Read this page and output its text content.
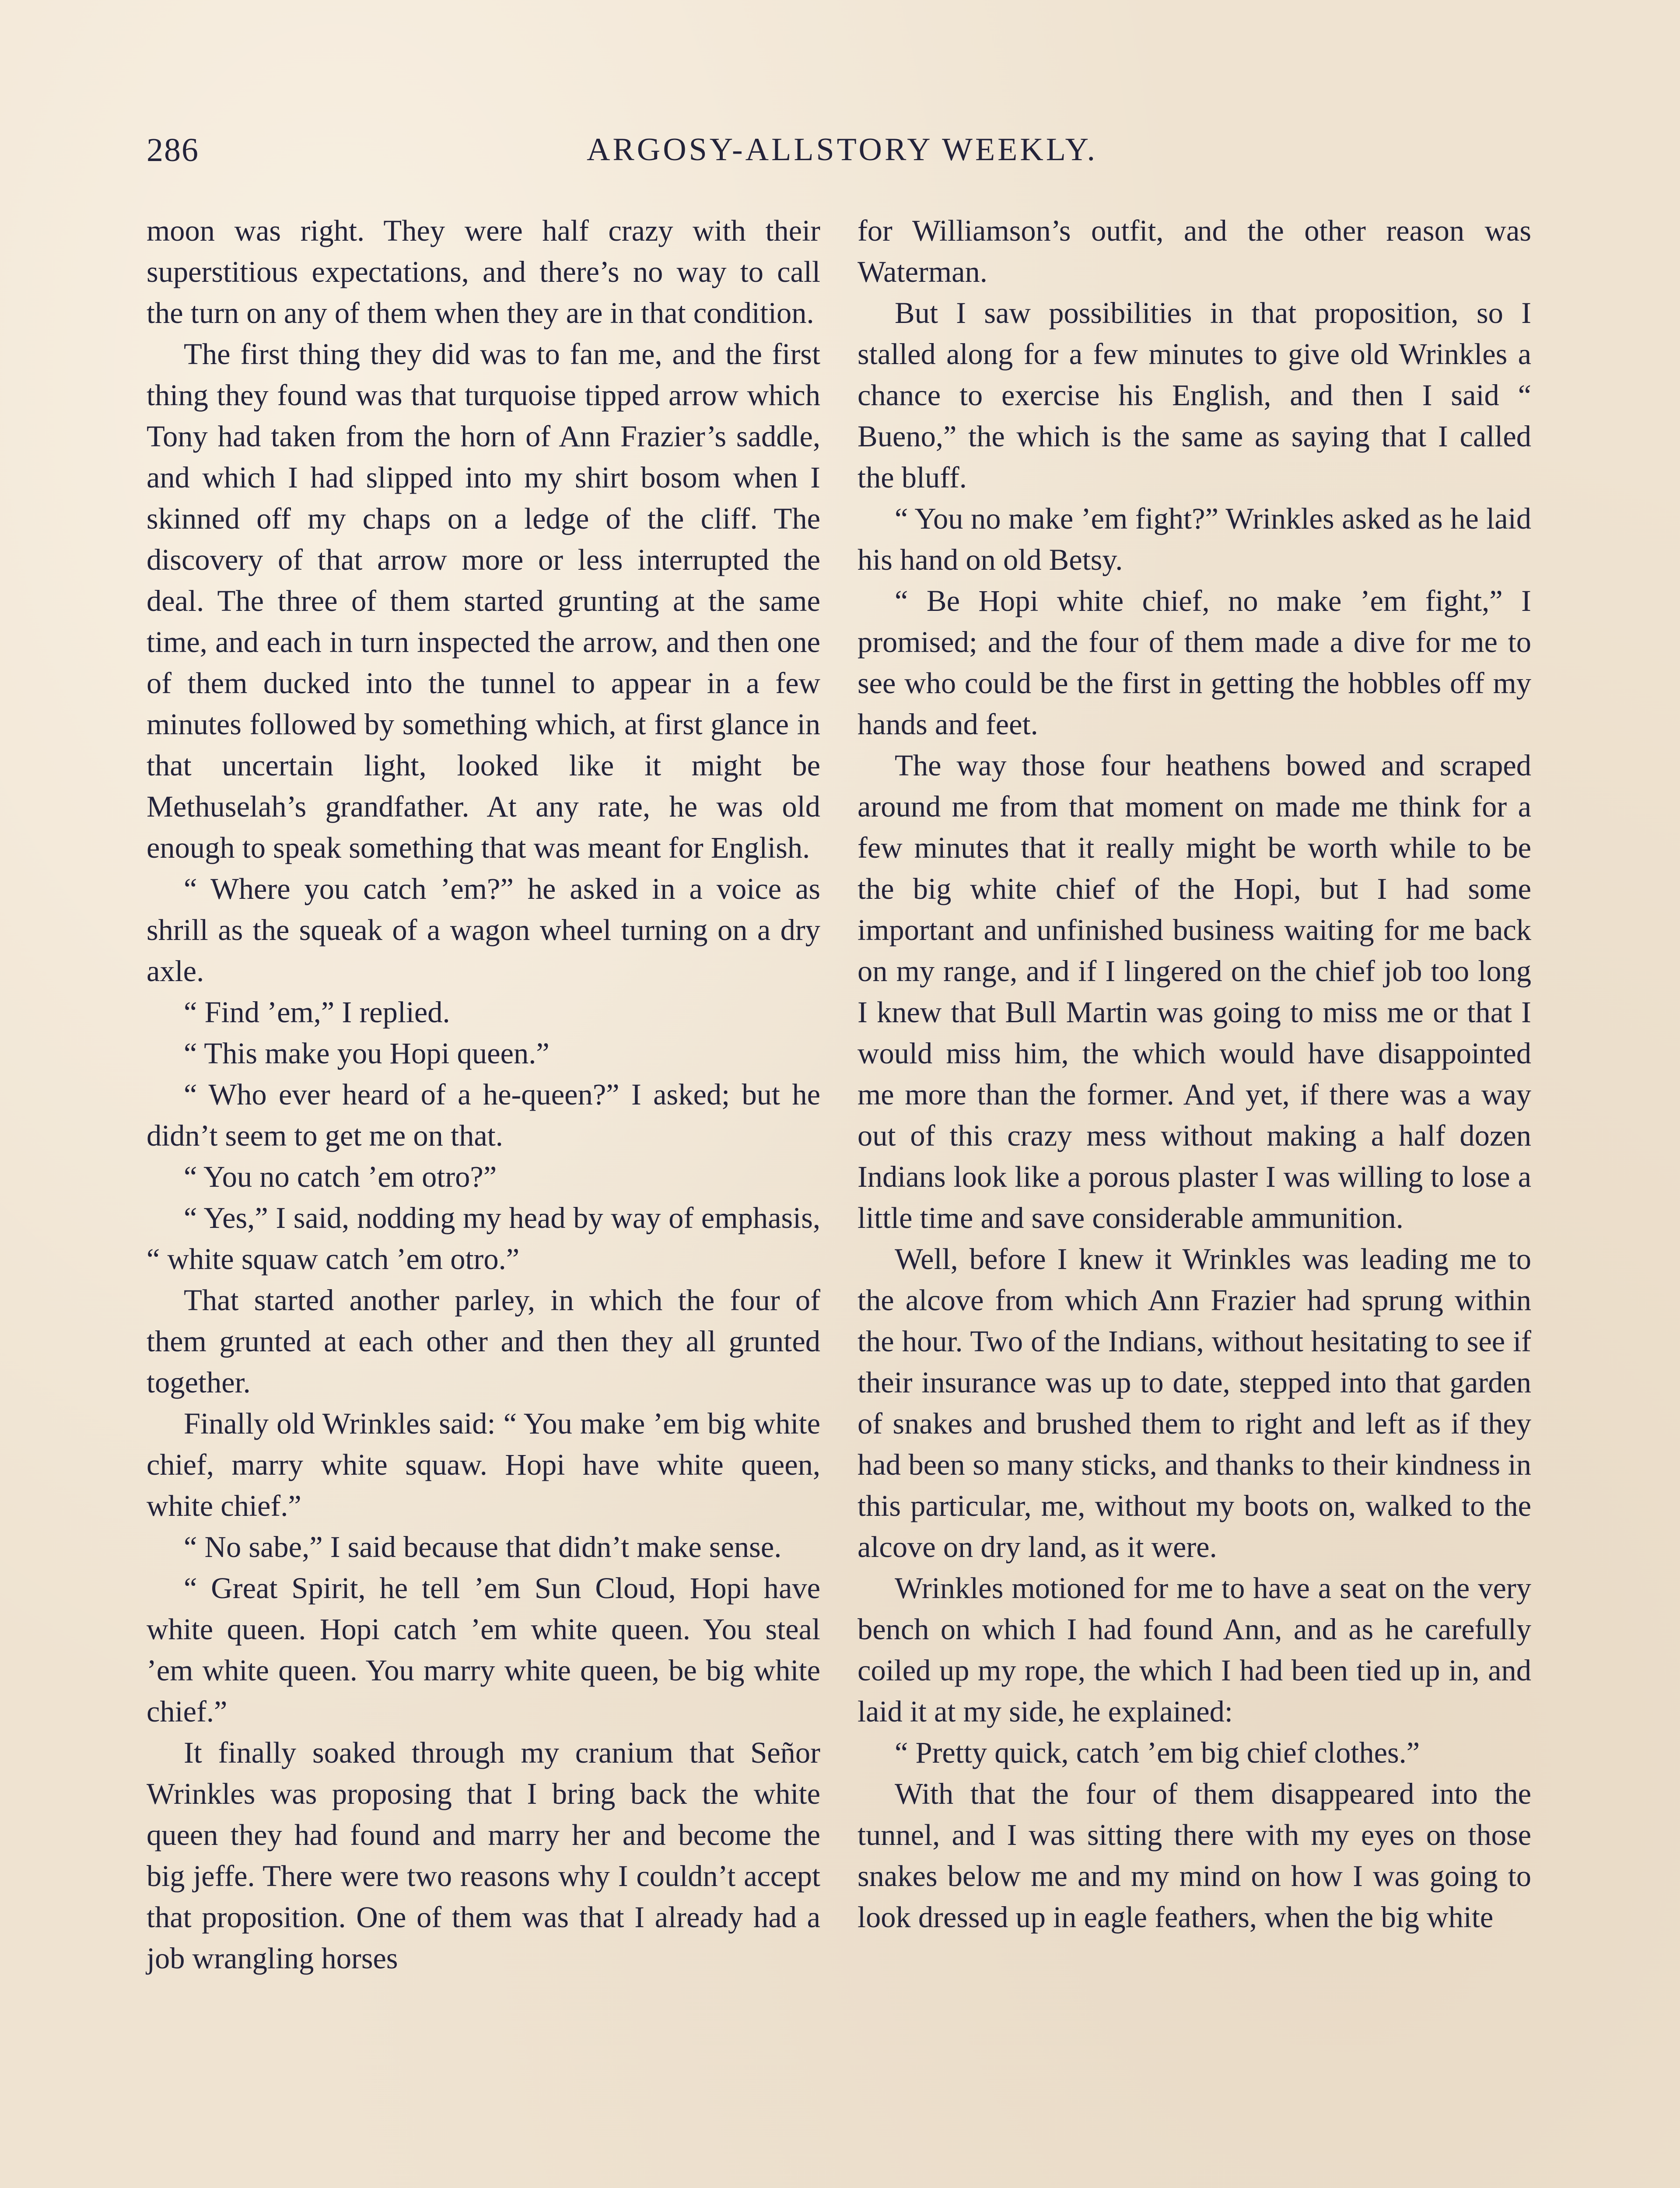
286	ARGOSY-ALLSTORY WEEKLY.

moon was right. They were half crazy with their superstitious expectations, and there’s no way to call the turn on any of them when they are in that condition.

The first thing they did was to fan me, and the first thing they found was that turquoise tipped arrow which Tony had taken from the horn of Ann Frazier’s saddle, and which I had slipped into my shirt bosom when I skinned off my chaps on a ledge of the cliff. The discovery of that arrow more or less interrupted the deal. The three of them started grunting at the same time, and each in turn inspected the arrow, and then one of them ducked into the tunnel to appear in a few minutes followed by something which, at first glance in that uncertain light, looked like it might be Methuselah’s grandfather. At any rate, he was old enough to speak something that was meant for English.

“ Where you catch ’em?” he asked in a voice as shrill as the squeak of a wagon wheel turning on a dry axle.

“ Find ’em,” I replied.

“ This make you Hopi queen.”

“ Who ever heard of a he-queen?” I asked; but he didn’t seem to get me on that.

“ You no catch ’em otro?”

“ Yes,” I said, nodding my head by way of emphasis, “ white squaw catch ’em otro.”

That started another parley, in which the four of them grunted at each other and then they all grunted together.

Finally old Wrinkles said: “ You make ’em big white chief, marry white squaw. Hopi have white queen, white chief.”

“ No sabe,” I said because that didn’t make sense.

“ Great Spirit, he tell ’em Sun Cloud, Hopi have white queen. Hopi catch ’em white queen. You steal ’em white queen. You marry white queen, be big white chief.”

It finally soaked through my cranium that Señor Wrinkles was proposing that I bring back the white queen they had found and marry her and become the big jeffe. There were two reasons why I couldn’t accept that proposition. One of them was that I already had a job wrangling horses

for Williamson’s outfit, and the other reason was Waterman.

But I saw possibilities in that proposition, so I stalled along for a few minutes to give old Wrinkles a chance to exercise his English, and then I said “ Bueno,” the which is the same as saying that I called the bluff.

“ You no make ’em fight?” Wrinkles asked as he laid his hand on old Betsy.

“ Be Hopi white chief, no make ’em fight,” I promised; and the four of them made a dive for me to see who could be the first in getting the hobbles off my hands and feet.

The way those four heathens bowed and scraped around me from that moment on made me think for a few minutes that it really might be worth while to be the big white chief of the Hopi, but I had some important and unfinished business waiting for me back on my range, and if I lingered on the chief job too long I knew that Bull Martin was going to miss me or that I would miss him, the which would have disappointed me more than the former. And yet, if there was a way out of this crazy mess without making a half dozen Indians look like a porous plaster I was willing to lose a little time and save considerable ammunition.

Well, before I knew it Wrinkles was leading me to the alcove from which Ann Frazier had sprung within the hour. Two of the Indians, without hesitating to see if their insurance was up to date, stepped into that garden of snakes and brushed them to right and left as if they had been so many sticks, and thanks to their kindness in this particular, me, without my boots on, walked to the alcove on dry land, as it were.

Wrinkles motioned for me to have a seat on the very bench on which I had found Ann, and as he carefully coiled up my rope, the which I had been tied up in, and laid it at my side, he explained:

“ Pretty quick, catch ’em big chief clothes.”

With that the four of them disappeared into the tunnel, and I was sitting there with my eyes on those snakes below me and my mind on how I was going to look dressed up in eagle feathers, when the big white
